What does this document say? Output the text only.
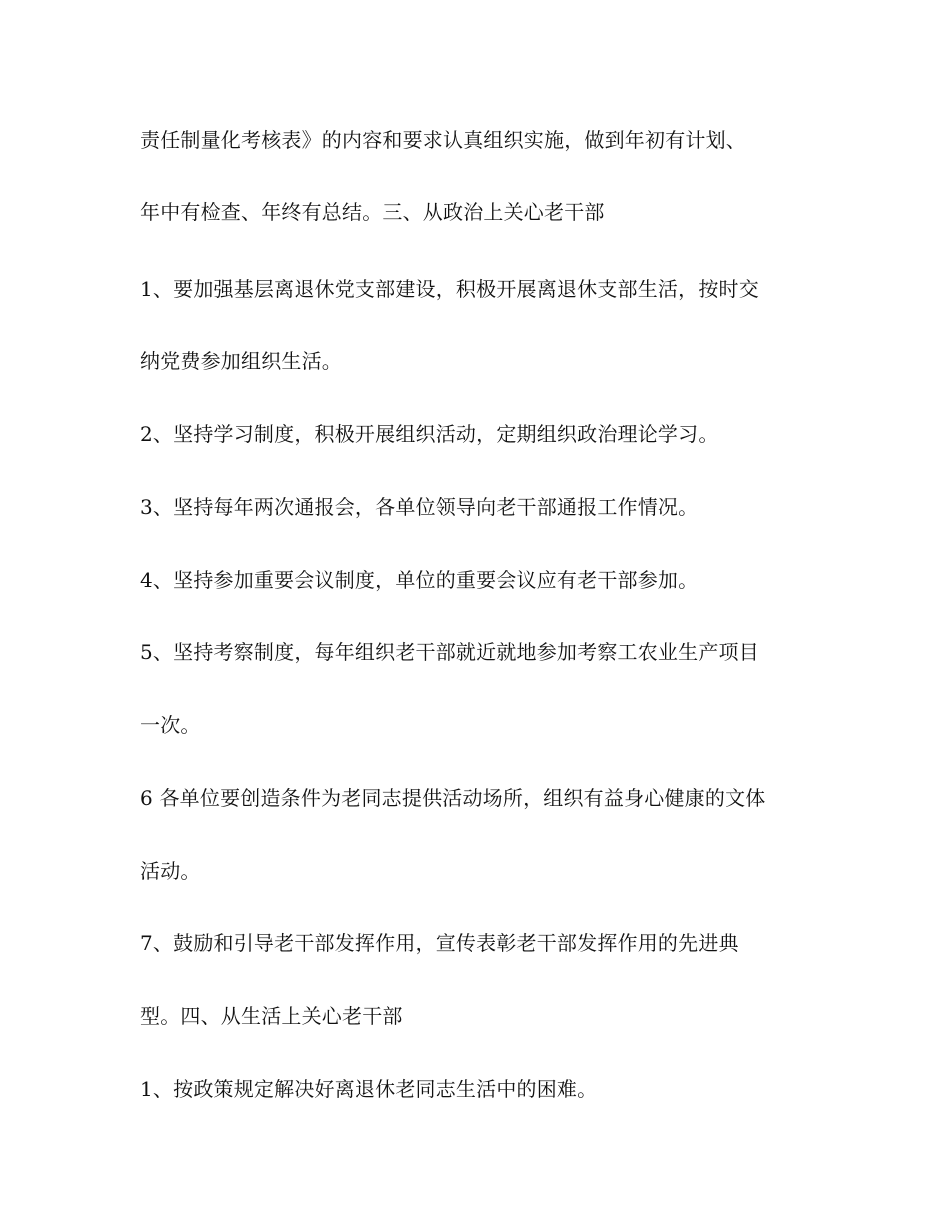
责任制量化考核表》的内容和要求认真组织实施，做到年初有计划、
年中有检查、年终有总结。三、从政治上关心老干部
1、要加强基层离退休党支部建设，积极开展离退休支部生活，按时交
纳党费参加组织生活。
2、坚持学习制度，积极开展组织活动，定期组织政治理论学习。
3、坚持每年两次通报会，各单位领导向老干部通报工作情况。
4、坚持参加重要会议制度，单位的重要会议应有老干部参加。
5、坚持考察制度，每年组织老干部就近就地参加考察工农业生产项目
一次。
6 各单位要创造条件为老同志提供活动场所，组织有益身心健康的文体
活动。
7、鼓励和引导老干部发挥作用，宣传表彰老干部发挥作用的先进典
型。四、从生活上关心老干部
1、按政策规定解决好离退休老同志生活中的困难。
